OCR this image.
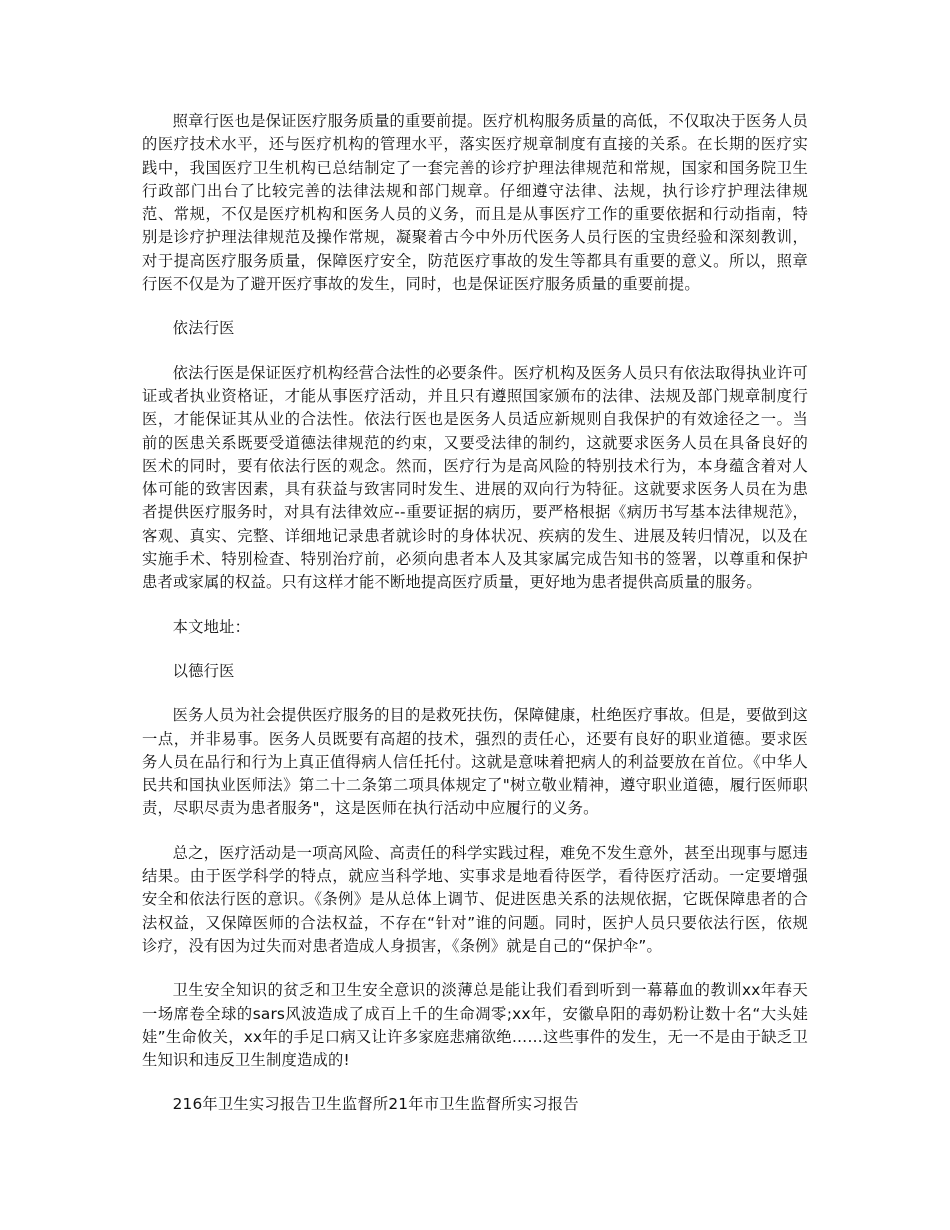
照章行医也是保证医疗服务质量的重要前提。医疗机构服务质量的高低，不仅取决于医务人员的医疗技术水平，还与医疗机构的管理水平，落实医疗规章制度有直接的关系。在长期的医疗实践中，我国医疗卫生机构已总结制定了一套完善的诊疗护理法律规范和常规，国家和国务院卫生行政部门出台了比较完善的法律法规和部门规章。仔细遵守法律、法规，执行诊疗护理法律规范、常规，不仅是医疗机构和医务人员的义务，而且是从事医疗工作的重要依据和行动指南，特别是诊疗护理法律规范及操作常规，凝聚着古今中外历代医务人员行医的宝贵经验和深刻教训，对于提高医疗服务质量，保障医疗安全，防范医疗事故的发生等都具有重要的意义。所以，照章行医不仅是为了避开医疗事故的发生，同时，也是保证医疗服务质量的重要前提。

依法行医

依法行医是保证医疗机构经营合法性的必要条件。医疗机构及医务人员只有依法取得执业许可证或者执业资格证，才能从事医疗活动，并且只有遵照国家颁布的法律、法规及部门规章制度行医，才能保证其从业的合法性。依法行医也是医务人员适应新规则自我保护的有效途径之一。当前的医患关系既要受道德法律规范的约束，又要受法律的制约，这就要求医务人员在具备良好的医术的同时，要有依法行医的观念。然而，医疗行为是高风险的特别技术行为，本身蕴含着对人体可能的致害因素，具有获益与致害同时发生、进展的双向行为特征。这就要求医务人员在为患者提供医疗服务时，对具有法律效应--重要证据的病历，要严格根据《病历书写基本法律规范》，客观、真实、完整、详细地记录患者就诊时的身体状况、疾病的发生、进展及转归情况，以及在实施手术、特别检查、特别治疗前，必须向患者本人及其家属完成告知书的签署，以尊重和保护患者或家属的权益。只有这样才能不断地提高医疗质量，更好地为患者提供高质量的服务。

本文地址：

以德行医

医务人员为社会提供医疗服务的目的是救死扶伤，保障健康，杜绝医疗事故。但是，要做到这一点，并非易事。医务人员既要有高超的技术，强烈的责任心，还要有良好的职业道德。要求医务人员在品行和行为上真正值得病人信任托付。这就是意味着把病人的利益要放在首位。《中华人民共和国执业医师法》第二十二条第二项具体规定了"树立敬业精神，遵守职业道德，履行医师职责，尽职尽责为患者服务"，这是医师在执行活动中应履行的义务。

总之，医疗活动是一项高风险、高责任的科学实践过程，难免不发生意外，甚至出现事与愿违结果。由于医学科学的特点，就应当科学地、实事求是地看待医学，看待医疗活动。一定要增强安全和依法行医的意识。《条例》是从总体上调节、促进医患关系的法规依据，它既保障患者的合法权益，又保障医师的合法权益，不存在“针对”谁的问题。同时，医护人员只要依法行医，依规诊疗，没有因为过失而对患者造成人身损害，《条例》就是自己的“保护伞”。

卫生安全知识的贫乏和卫生安全意识的淡薄总是能让我们看到听到一幕幕血的教训xx年春天一场席卷全球的sars风波造成了成百上千的生命凋零;xx年，安徽阜阳的毒奶粉让数十名“大头娃娃”生命攸关，xx年的手足口病又让许多家庭悲痛欲绝……这些事件的发生，无一不是由于缺乏卫生知识和违反卫生制度造成的!

216年卫生实习报告卫生监督所21年市卫生监督所实习报告
